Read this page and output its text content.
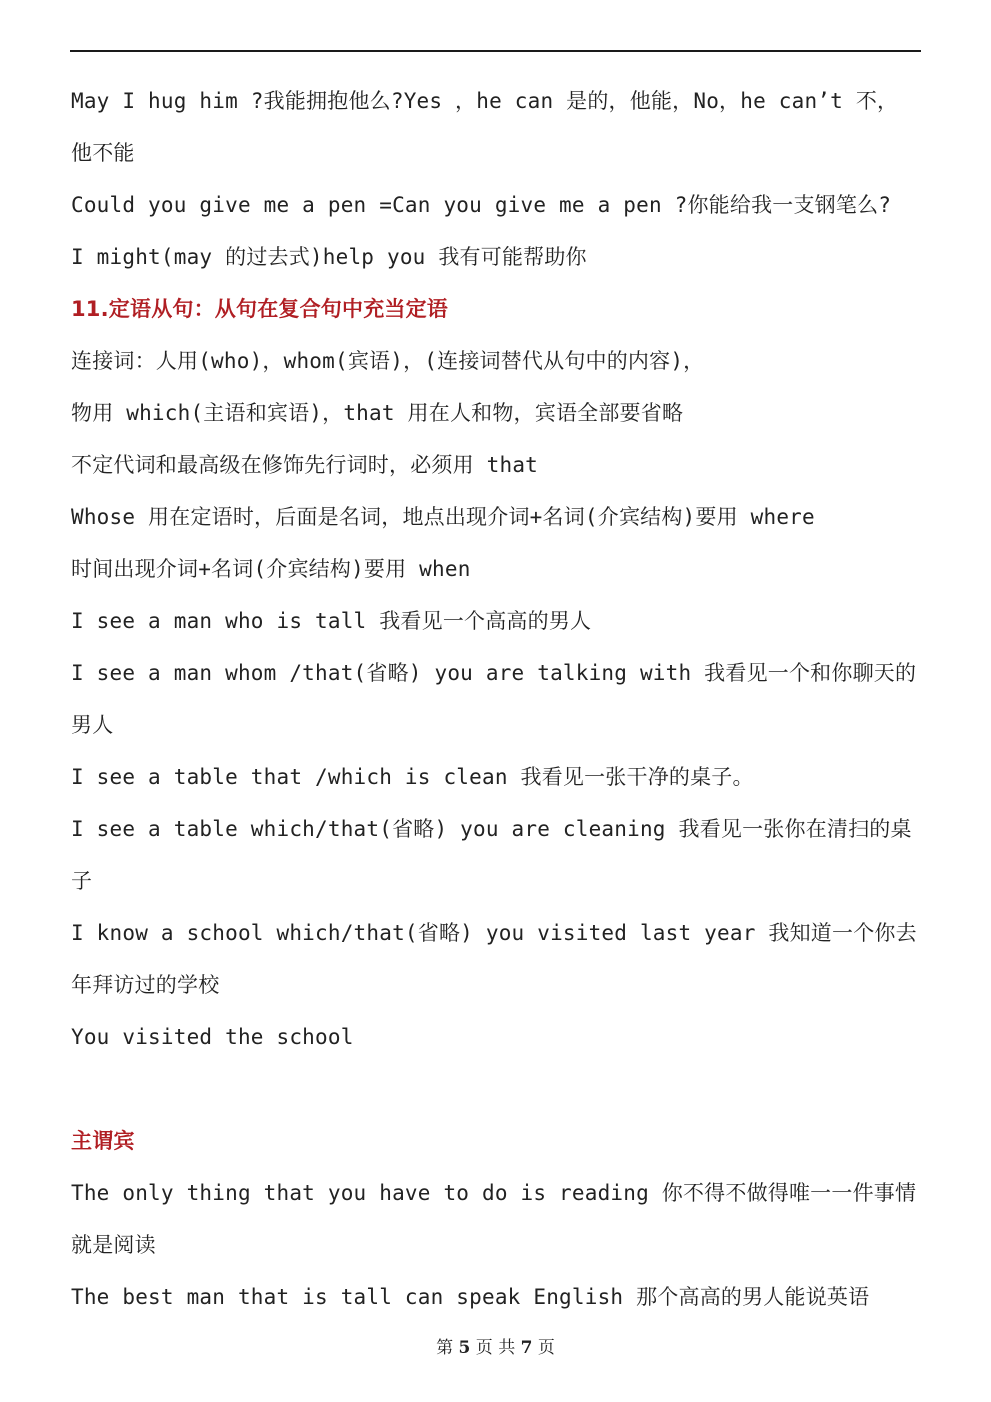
May I hug him ?我能拥抱他么?Yes ，he can 是的，他能，No，he can’t 不，
他不能
Could you give me a pen =Can you give me a pen ?你能给我一支钢笔么?
I might(may 的过去式)help you 我有可能帮助你
11.定语从句：从句在复合句中充当定语
连接词：人用(who)，whom(宾语)，(连接词替代从句中的内容)，
物用 which(主语和宾语)，that 用在人和物，宾语全部要省略
不定代词和最高级在修饰先行词时，必须用 that
Whose 用在定语时，后面是名词，地点出现介词+名词(介宾结构)要用 where
时间出现介词+名词(介宾结构)要用 when
I see a man who is tall 我看见一个高高的男人
I see a man whom /that(省略) you are talking with 我看见一个和你聊天的
男人
I see a table that /which is clean 我看见一张干净的桌子。
I see a table which/that(省略) you are cleaning 我看见一张你在清扫的桌
子
I know a school which/that(省略) you visited last year 我知道一个你去
年拜访过的学校
You visited the school
主谓宾
The only thing that you have to do is reading 你不得不做得唯一一件事情
就是阅读
The best man that is tall can speak English 那个高高的男人能说英语
第 5 页 共 7 页
